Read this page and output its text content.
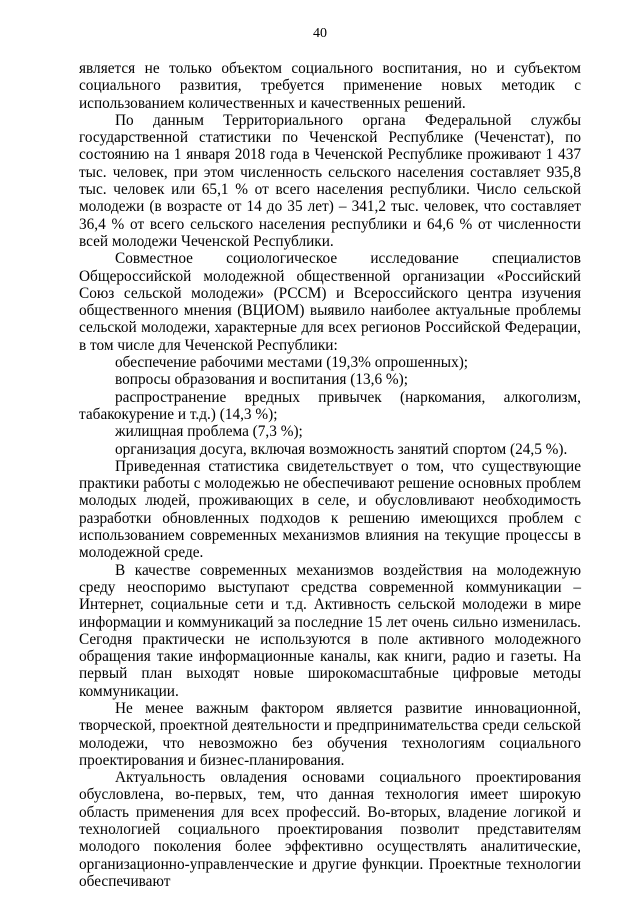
40

является не только объектом социального воспитания, но и субъектом социального развития, требуется применение новых методик с использованием количественных и качественных решений.

По данным Территориального органа Федеральной службы государственной статистики по Чеченской Республике (Чеченстат), по состоянию на 1 января 2018 года в Чеченской Республике проживают 1 437 тыс. человек, при этом численность сельского населения составляет 935,8 тыс. человек или 65,1 % от всего населения республики. Число сельской молодежи (в возрасте от 14 до 35 лет) – 341,2 тыс. человек, что составляет 36,4 % от всего сельского населения республики и 64,6 % от численности всей молодежи Чеченской Республики.

Совместное социологическое исследование специалистов Общероссийской молодежной общественной организации «Российский Союз сельской молодежи» (РССМ) и Всероссийского центра изучения общественного мнения (ВЦИОМ) выявило наиболее актуальные проблемы сельской молодежи, характерные для всех регионов Российской Федерации, в том числе для Чеченской Республики:

обеспечение рабочими местами (19,3% опрошенных);

вопросы образования и воспитания (13,6 %);

распространение вредных привычек (наркомания, алкоголизм, табакокурение и т.д.) (14,3 %);

жилищная проблема (7,3 %);

организация досуга, включая возможность занятий спортом (24,5 %).

Приведенная статистика свидетельствует о том, что существующие практики работы с молодежью не обеспечивают решение основных проблем молодых людей, проживающих в селе, и обусловливают необходимость разработки обновленных подходов к решению имеющихся проблем с использованием современных механизмов влияния на текущие процессы в молодежной среде.

В качестве современных механизмов воздействия на молодежную среду неоспоримо выступают средства современной коммуникации – Интернет, социальные сети и т.д. Активность сельской молодежи в мире информации и коммуникаций за последние 15 лет очень сильно изменилась. Сегодня практически не используются в поле активного молодежного обращения такие информационные каналы, как книги, радио и газеты. На первый план выходят новые широкомасштабные цифровые методы коммуникации.

Не менее важным фактором является развитие инновационной, творческой, проектной деятельности и предпринимательства среди сельской молодежи, что невозможно без обучения технологиям социального проектирования и бизнес-планирования.

Актуальность овладения основами социального проектирования обусловлена, во-первых, тем, что данная технология имеет широкую область применения для всех профессий. Во-вторых, владение логикой и технологией социального проектирования позволит представителям молодого поколения более эффективно осуществлять аналитические, организационно-управленческие и другие функции. Проектные технологии обеспечивают
